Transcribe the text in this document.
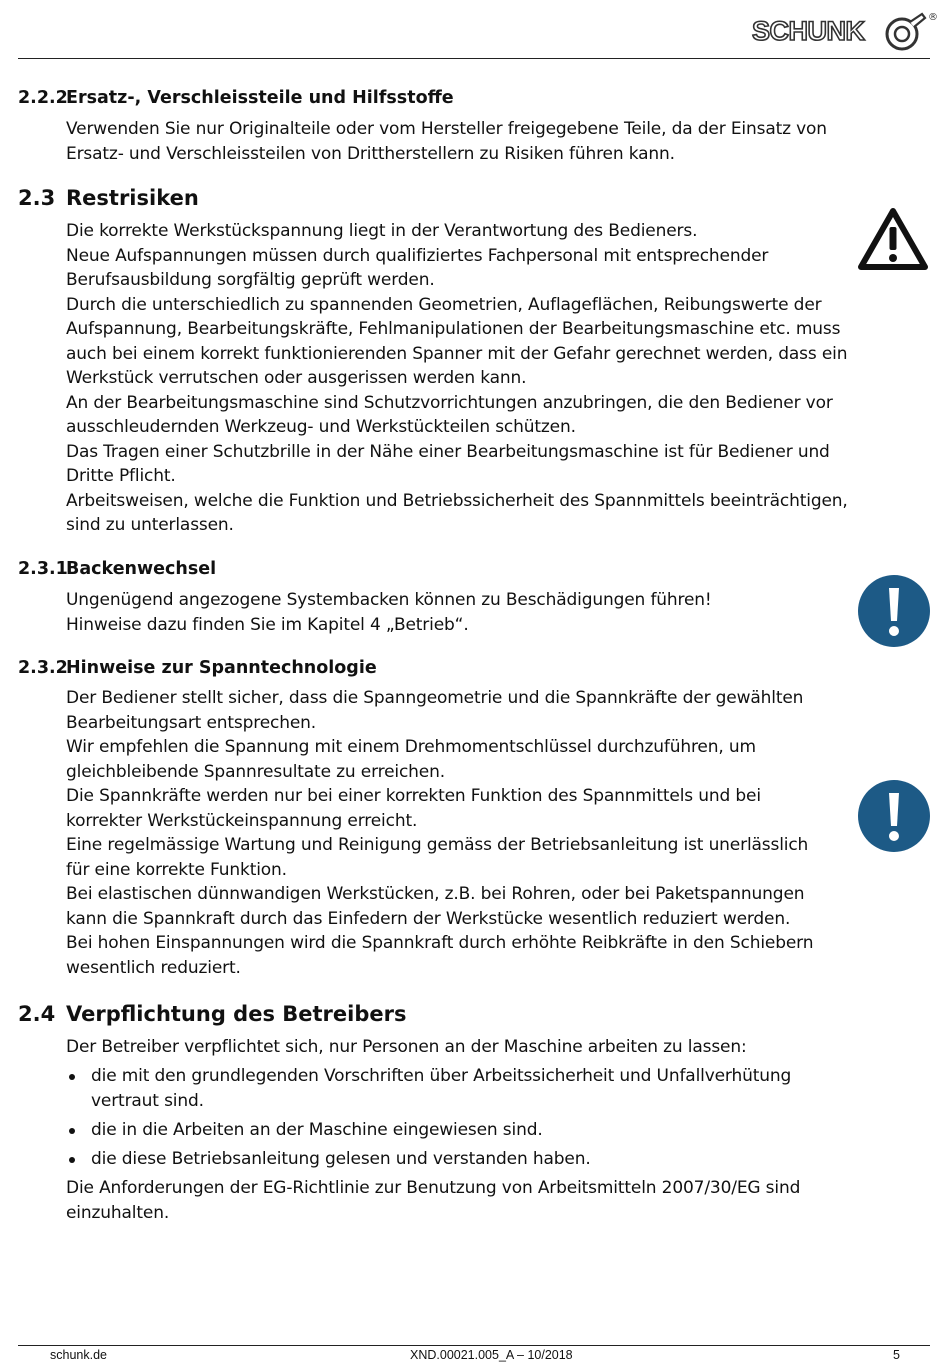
SCHUNK	®
2.2.2Ersatz-, Verschleissteile und Hilfsstoffe
Verwenden Sie nur Originalteile oder vom Hersteller freigegebene Teile, da der Einsatz von
Ersatz- und Verschleissteilen von Drittherstellern zu Risiken führen kann.
2.3 Restrisiken
Die korrekte Werkstückspannung liegt in der Verantwortung des Bedieners.
Neue Aufspannungen müssen durch qualifiziertes Fachpersonal mit entsprechender
Berufsausbildung sorgfältig geprüft werden.
Durch die unterschiedlich zu spannenden Geometrien, Auflageflächen, Reibungswerte der
Aufspannung, Bearbeitungskräfte, Fehlmanipulationen der Bearbeitungsmaschine etc. muss
auch bei einem korrekt funktionierenden Spanner mit der Gefahr gerechnet werden, dass ein
Werkstück verrutschen oder ausgerissen werden kann.
An der Bearbeitungsmaschine sind Schutzvorrichtungen anzubringen, die den Bediener vor
ausschleudernden Werkzeug- und Werkstückteilen schützen.
Das Tragen einer Schutzbrille in der Nähe einer Bearbeitungsmaschine ist für Bediener und
Dritte Pflicht.
Arbeitsweisen, welche die Funktion und Betriebssicherheit des Spannmittels beeinträchtigen,
sind zu unterlassen.
2.3.1Backenwechsel
Ungenügend angezogene Systembacken können zu Beschädigungen führen!
Hinweise dazu finden Sie im Kapitel 4 „Betrieb“.
2.3.2Hinweise zur Spanntechnologie
Der Bediener stellt sicher, dass die Spanngeometrie und die Spannkräfte der gewählten
Bearbeitungsart entsprechen.
Wir empfehlen die Spannung mit einem Drehmomentschlüssel durchzuführen, um
gleichbleibende Spannresultate zu erreichen.
Die Spannkräfte werden nur bei einer korrekten Funktion des Spannmittels und bei
korrekter Werkstückeinspannung erreicht.
Eine regelmässige Wartung und Reinigung gemäss der Betriebsanleitung ist unerlässlich
für eine korrekte Funktion.
Bei elastischen dünnwandigen Werkstücken, z.B. bei Rohren, oder bei Paketspannungen
kann die Spannkraft durch das Einfedern der Werkstücke wesentlich reduziert werden.
Bei hohen Einspannungen wird die Spannkraft durch erhöhte Reibkräfte in den Schiebern
wesentlich reduziert.
2.4 Verpflichtung des Betreibers
Der Betreiber verpflichtet sich, nur Personen an der Maschine arbeiten zu lassen:
die mit den grundlegenden Vorschriften über Arbeitssicherheit und Unfallverhütung
vertraut sind.
die in die Arbeiten an der Maschine eingewiesen sind.
die diese Betriebsanleitung gelesen und verstanden haben.
Die Anforderungen der EG-Richtlinie zur Benutzung von Arbeitsmitteln 2007/30/EG sind
einzuhalten.
schunk.de	XND.00021.005_A – 10/2018	5
